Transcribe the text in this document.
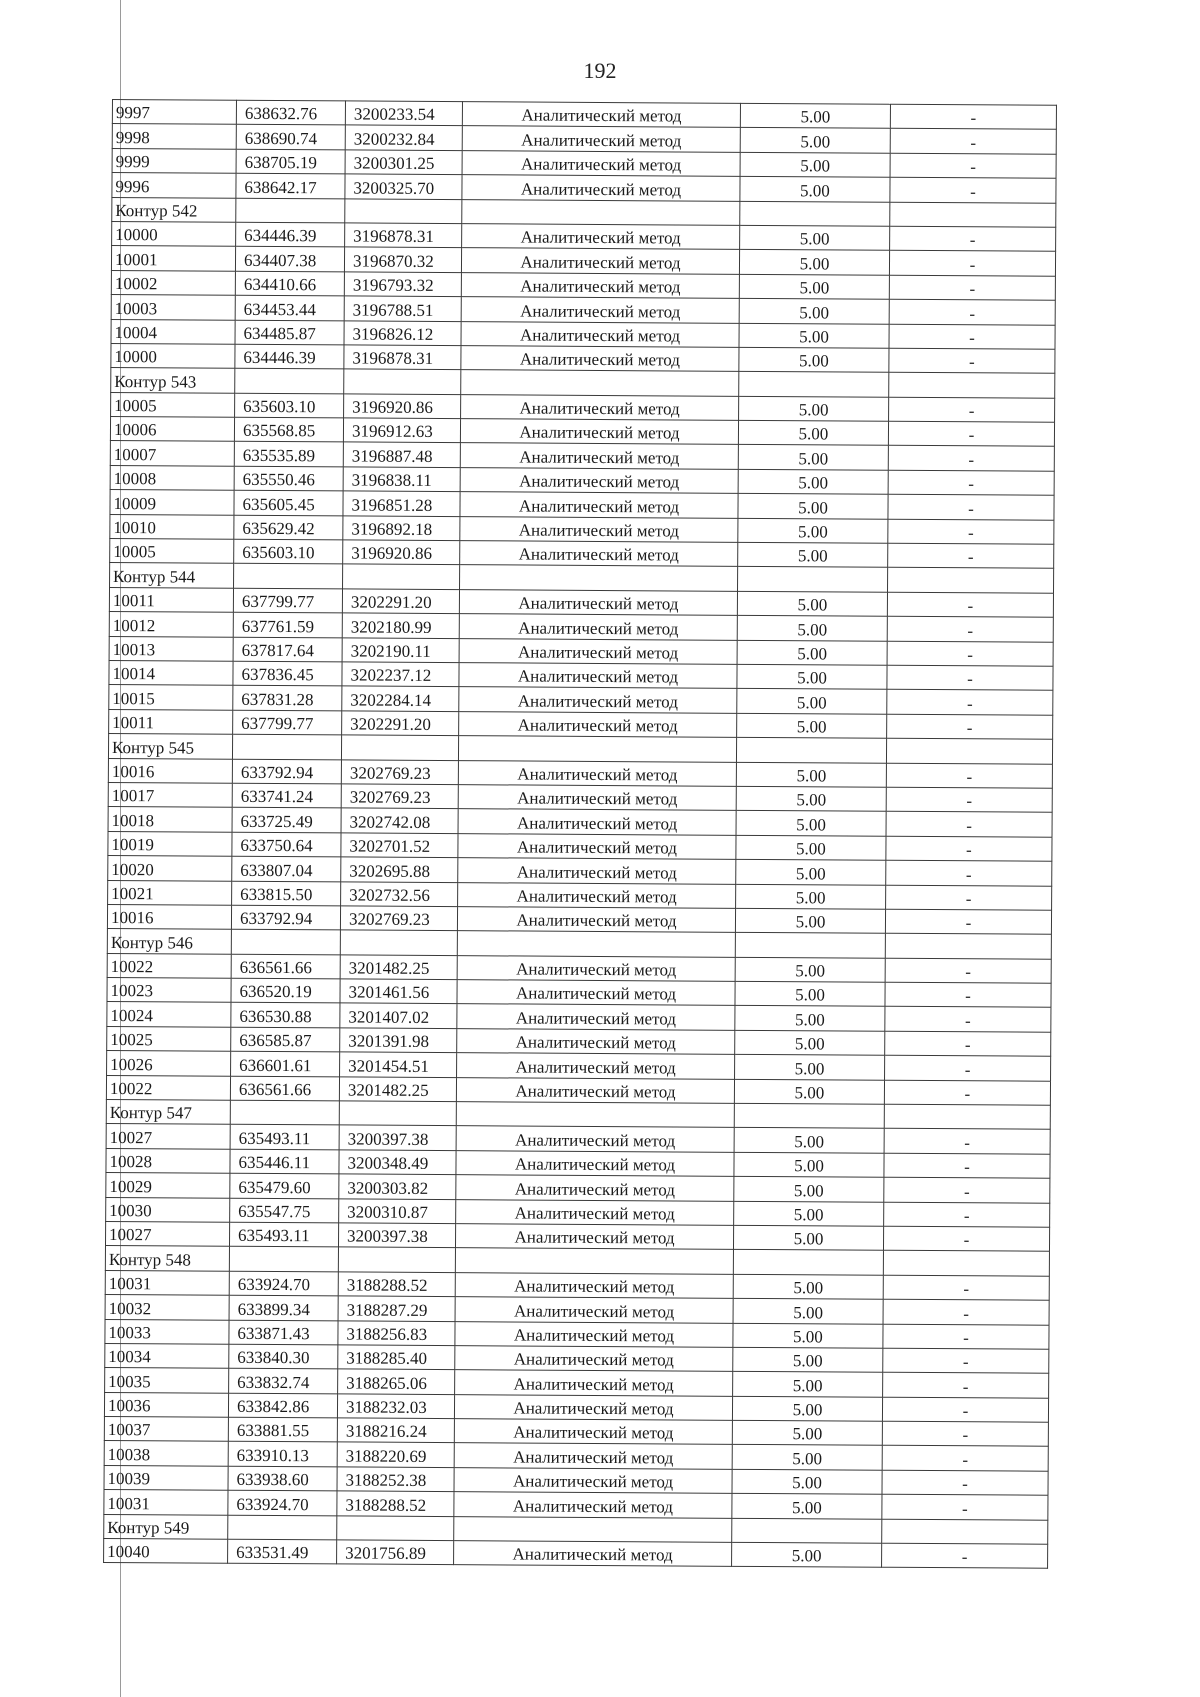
192
9997	638632.76	3200233.54	Аналитический метод	5.00	-
9998	638690.74	3200232.84	Аналитический метод	5.00	-
9999	638705.19	3200301.25	Аналитический метод	5.00	-
9996	638642.17	3200325.70	Аналитический метод	5.00	-
Контур 542					
10000	634446.39	3196878.31	Аналитический метод	5.00	-
10001	634407.38	3196870.32	Аналитический метод	5.00	-
10002	634410.66	3196793.32	Аналитический метод	5.00	-
10003	634453.44	3196788.51	Аналитический метод	5.00	-
10004	634485.87	3196826.12	Аналитический метод	5.00	-
10000	634446.39	3196878.31	Аналитический метод	5.00	-
Контур 543					
10005	635603.10	3196920.86	Аналитический метод	5.00	-
10006	635568.85	3196912.63	Аналитический метод	5.00	-
10007	635535.89	3196887.48	Аналитический метод	5.00	-
10008	635550.46	3196838.11	Аналитический метод	5.00	-
10009	635605.45	3196851.28	Аналитический метод	5.00	-
10010	635629.42	3196892.18	Аналитический метод	5.00	-
10005	635603.10	3196920.86	Аналитический метод	5.00	-
Контур 544					
10011	637799.77	3202291.20	Аналитический метод	5.00	-
10012	637761.59	3202180.99	Аналитический метод	5.00	-
10013	637817.64	3202190.11	Аналитический метод	5.00	-
10014	637836.45	3202237.12	Аналитический метод	5.00	-
10015	637831.28	3202284.14	Аналитический метод	5.00	-
10011	637799.77	3202291.20	Аналитический метод	5.00	-
Контур 545					
10016	633792.94	3202769.23	Аналитический метод	5.00	-
10017	633741.24	3202769.23	Аналитический метод	5.00	-
10018	633725.49	3202742.08	Аналитический метод	5.00	-
10019	633750.64	3202701.52	Аналитический метод	5.00	-
10020	633807.04	3202695.88	Аналитический метод	5.00	-
10021	633815.50	3202732.56	Аналитический метод	5.00	-
10016	633792.94	3202769.23	Аналитический метод	5.00	-
Контур 546					
10022	636561.66	3201482.25	Аналитический метод	5.00	-
10023	636520.19	3201461.56	Аналитический метод	5.00	-
10024	636530.88	3201407.02	Аналитический метод	5.00	-
10025	636585.87	3201391.98	Аналитический метод	5.00	-
10026	636601.61	3201454.51	Аналитический метод	5.00	-
10022	636561.66	3201482.25	Аналитический метод	5.00	-
Контур 547					
10027	635493.11	3200397.38	Аналитический метод	5.00	-
10028	635446.11	3200348.49	Аналитический метод	5.00	-
10029	635479.60	3200303.82	Аналитический метод	5.00	-
10030	635547.75	3200310.87	Аналитический метод	5.00	-
10027	635493.11	3200397.38	Аналитический метод	5.00	-
Контур 548					
10031	633924.70	3188288.52	Аналитический метод	5.00	-
10032	633899.34	3188287.29	Аналитический метод	5.00	-
10033	633871.43	3188256.83	Аналитический метод	5.00	-
10034	633840.30	3188285.40	Аналитический метод	5.00	-
10035	633832.74	3188265.06	Аналитический метод	5.00	-
10036	633842.86	3188232.03	Аналитический метод	5.00	-
10037	633881.55	3188216.24	Аналитический метод	5.00	-
10038	633910.13	3188220.69	Аналитический метод	5.00	-
10039	633938.60	3188252.38	Аналитический метод	5.00	-
10031	633924.70	3188288.52	Аналитический метод	5.00	-
Контур 549					
10040	633531.49	3201756.89	Аналитический метод	5.00	-
